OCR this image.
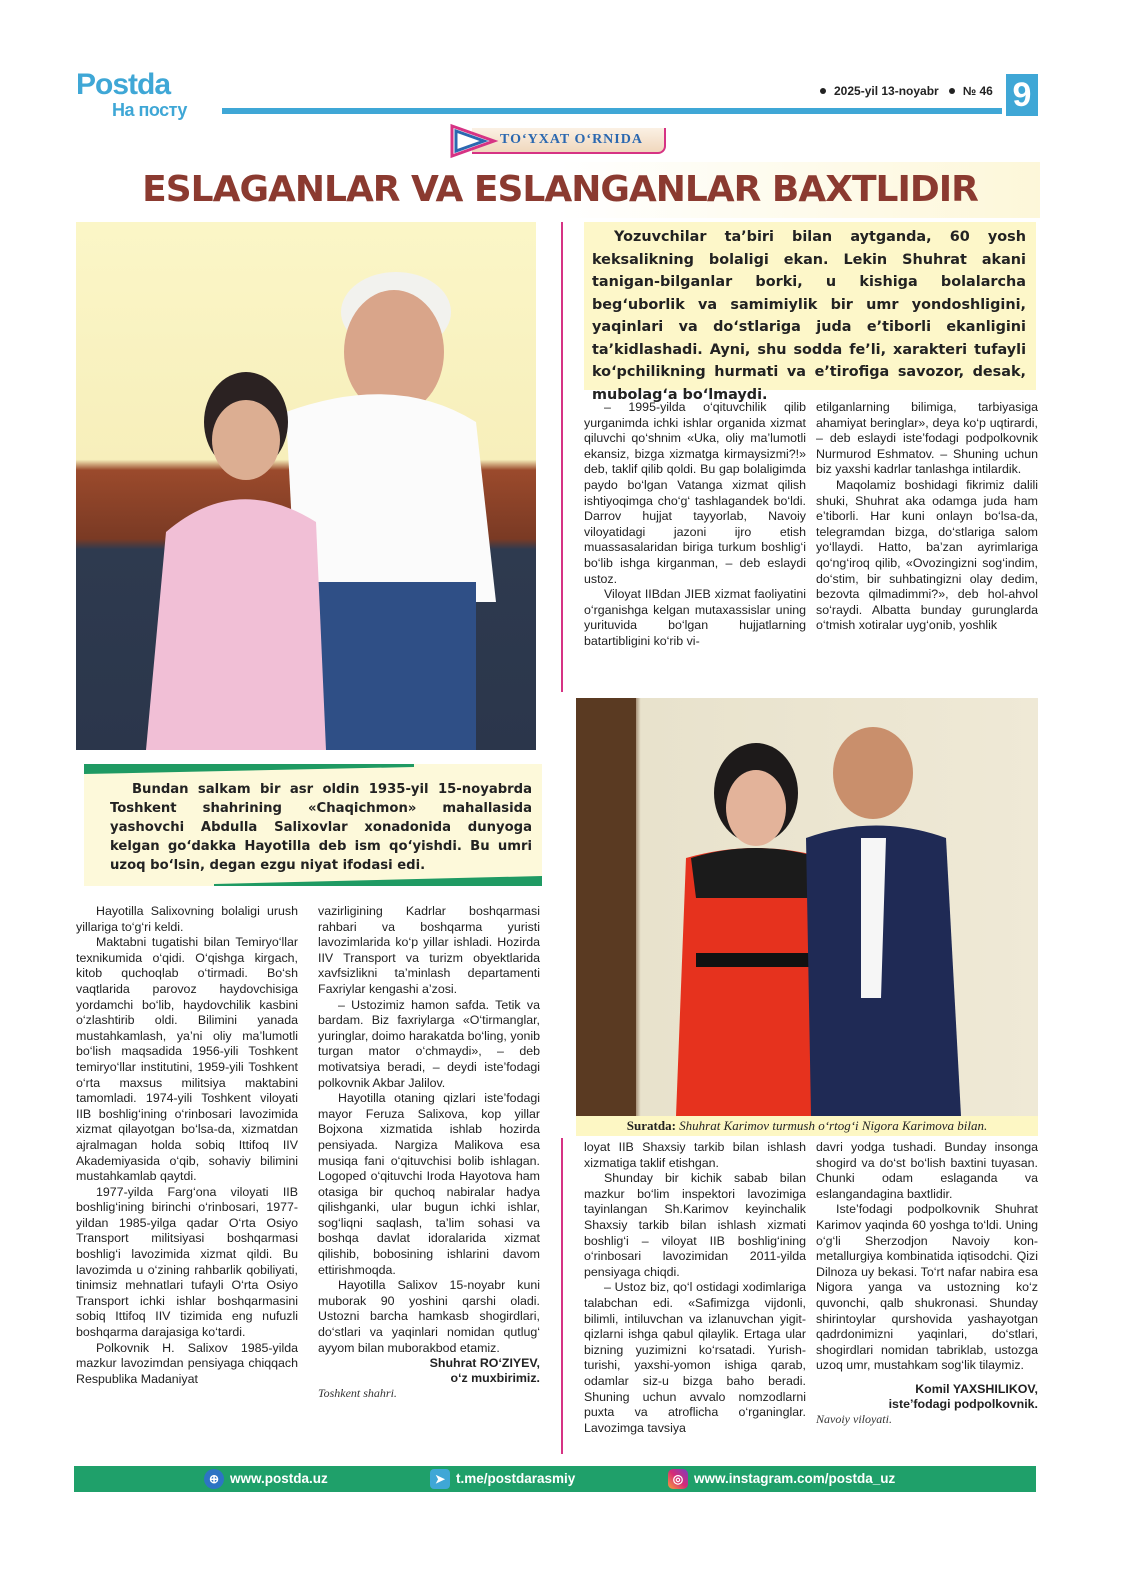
Postda
На посту
2025-yil 13-noyabr № 46 9
TO‘YXAT O‘RNIDA
ESLAGANLAR VA ESLANGANLAR BAXTLIDIR

Yozuvchilar ta’biri bilan aytganda, 60 yosh keksalikning bolaligi ekan. Lekin Shuhrat akani tanigan-bilganlar borki, u kishiga bolalarcha beg‘uborlik va samimiylik bir umr yondoshligini, yaqinlari va do‘stlariga juda e’tiborli ekanligini ta’kidlashadi. Ayni, shu sodda fe’li, xarakteri tufayli ko‘pchilikning hurmati va e’tirofiga savozor, desak, mubolag‘a bo‘lmaydi.

– 1995-yilda o‘qituvchilik qilib yurganimda ichki ishlar organida xizmat qiluvchi qo‘shnim «Uka, oliy ma’lumotli ekansiz, bizga xizmatga kirmaysizmi?!» deb, taklif qilib qoldi. Bu gap bolaligimda paydo bo‘lgan Vatanga xizmat qilish ishtiyoqimga cho‘g‘ tashlagandek bo‘ldi. Darrov hujjat tayyorlab, Navoiy viloyatidagi jazoni ijro etish muassasalaridan biriga turkum boshlig‘i bo‘lib ishga kirganman, – deb eslaydi ustoz.

Viloyat IIBdan JIEB xizmat faoliyatini o‘rganishga kelgan mutaxassislar uning yurituvida bo‘lgan hujjatlarning batartibligini ko‘rib vi-

etilganlarning bilimiga, tarbiyasiga ahamiyat beringlar», deya ko‘p uqtirardi, – deb eslaydi iste’fodagi podpolkovnik Nurmurod Eshmatov. – Shuning uchun biz yaxshi kadrlar tanlashga intilardik.

Maqolamiz boshidagi fikrimiz dalili shuki, Shuhrat aka odamga juda ham e’tiborli. Har kuni onlayn bo‘lsa-da, telegramdan bizga, do‘stlariga salom yo‘llaydi. Hatto, ba’zan ayrimlariga qo‘ng‘iroq qilib, «Ovozingizni sog‘indim, do‘stim, bir suhbatingizni olay dedim, bezovta qilmadimmi?», deb hol-ahvol so‘raydi. Albatta bunday gurunglarda o‘tmish xotiralar uyg‘onib, yoshlik

Bundan salkam bir asr oldin 1935-yil 15-noyabrda Toshkent shahrining «Chaqichmon» mahallasida yashovchi Abdulla Salixovlar xonadonida dunyoga kelgan go‘dakka Hayotilla deb ism qo‘yishdi. Bu umri uzoq bo‘lsin, degan ezgu niyat ifodasi edi.

Suratda: Shuhrat Karimov turmush o‘rtog‘i Nigora Karimova bilan.

Hayotilla Salixovning bolaligi urush yillariga to‘g‘ri keldi.

Maktabni tugatishi bilan Temiryo‘llar texnikumida o‘qidi. O‘qishga kirgach, kitob quchoqlab o‘tirmadi. Bo‘sh vaqtlarida parovoz haydovchisiga yordamchi bo‘lib, haydovchilik kasbini o‘zlashtirib oldi. Bilimini yanada mustahkamlash, ya’ni oliy ma’lumotli bo‘lish maqsadida 1956-yili Toshkent temiryo‘llar institutini, 1959-yili Toshkent o‘rta maxsus militsiya maktabini tamomladi. 1974-yili Toshkent viloyati IIB boshlig‘ining o‘rinbosari lavozimida xizmat qilayotgan bo‘lsa-da, xizmatdan ajralmagan holda sobiq Ittifoq IIV Akademiyasida o‘qib, sohaviy bilimini mustahkamlab qaytdi.

1977-yilda Farg‘ona viloyati IIB boshlig‘ining birinchi o‘rinbosari, 1977-yildan 1985-yilga qadar O‘rta Osiyo Transport militsiyasi boshqarmasi boshlig‘i lavozimida xizmat qildi. Bu lavozimda u o‘zining rahbarlik qobiliyati, tinimsiz mehnatlari tufayli O‘rta Osiyo Transport ichki ishlar boshqarmasini sobiq Ittifoq IIV tizimida eng nufuzli boshqarma darajasiga ko‘tardi.

Polkovnik H. Salixov 1985-yilda mazkur lavozimdan pensiyaga chiqqach Respublika Madaniyat

vazirligining Kadrlar boshqarmasi rahbari va boshqarma yuristi lavozimlarida ko‘p yillar ishladi. Hozirda IIV Transport va turizm obyektlarida xavfsizlikni ta’minlash departamenti Faxriylar kengashi a’zosi.

– Ustozimiz hamon safda. Tetik va bardam. Biz faxriylarga «O‘tirmanglar, yuringlar, doimo harakatda bo‘ling, yonib turgan mator o‘chmaydi», – deb motivatsiya beradi, – deydi iste’fodagi polkovnik Akbar Jalilov.

Hayotilla otaning qizlari iste’fodagi mayor Feruza Salixova, kop yillar Bojxona xizmatida ishlab hozirda pensiyada. Nargiza Malikova esa musiqa fani o‘qituvchisi bolib ishlagan. Logoped o‘qituvchi Iroda Hayotova ham otasiga bir quchoq nabiralar hadya qilishganki, ular bugun ichki ishlar, sog‘liqni saqlash, ta’lim sohasi va boshqa davlat idoralarida xizmat qilishib, bobosining ishlarini davom ettirishmoqda.

Hayotilla Salixov 15-noyabr kuni muborak 90 yoshini qarshi oladi. Ustozni barcha hamkasb shogirdlari, do‘stlari va yaqinlari nomidan qutlug‘ ayyom bilan muborakbod etamiz.

Shuhrat RO‘ZIYEV,
o‘z muxbirimiz.
Toshkent shahri.

loyat IIB Shaxsiy tarkib bilan ishlash xizmatiga taklif etishgan.

Shunday bir kichik sabab bilan mazkur bo‘lim inspektori lavozimiga tayinlangan Sh.Karimov keyinchalik Shaxsiy tarkib bilan ishlash xizmati boshlig‘i – viloyat IIB boshlig‘ining o‘rinbosari lavozimidan 2011-yilda pensiyaga chiqdi.

– Ustoz biz, qo‘l ostidagi xodimlariga talabchan edi. «Safimizga vijdonli, bilimli, intiluvchan va izlanuvchan yigit-qizlarni ishga qabul qilaylik. Ertaga ular bizning yuzimizni ko‘rsatadi. Yurish-turishi, yaxshi-yomon ishiga qarab, odamlar siz-u bizga baho beradi. Shuning uchun avvalo nomzodlarni puxta va atroflicha o‘rganinglar. Lavozimga tavsiya

davri yodga tushadi. Bunday insonga shogird va do‘st bo‘lish baxtini tuyasan. Chunki odam eslaganda va eslangandagina baxtlidir.

Iste’fodagi podpolkovnik Shuhrat Karimov yaqinda 60 yoshga to‘ldi. Uning o‘g‘li Sherzodjon Navoiy kon-metallurgiya kombinatida iqtisodchi. Qizi Dilnoza uy bekasi. To‘rt nafar nabira esa Nigora yanga va ustozning ko‘z quvonchi, qalb shukronasi. Shunday shirintoylar qurshovida yashayotgan qadrdonimizni yaqinlari, do‘stlari, shogirdlari nomidan tabriklab, ustozga uzoq umr, mustahkam sog‘lik tilaymiz.

Komil YAXSHILIKOV,
iste’fodagi podpolkovnik.
Navoiy viloyati.
⊕ www.postda.uz	➤ t.me/postdarasmiy	◎ www.instagram.com/postda_uz
